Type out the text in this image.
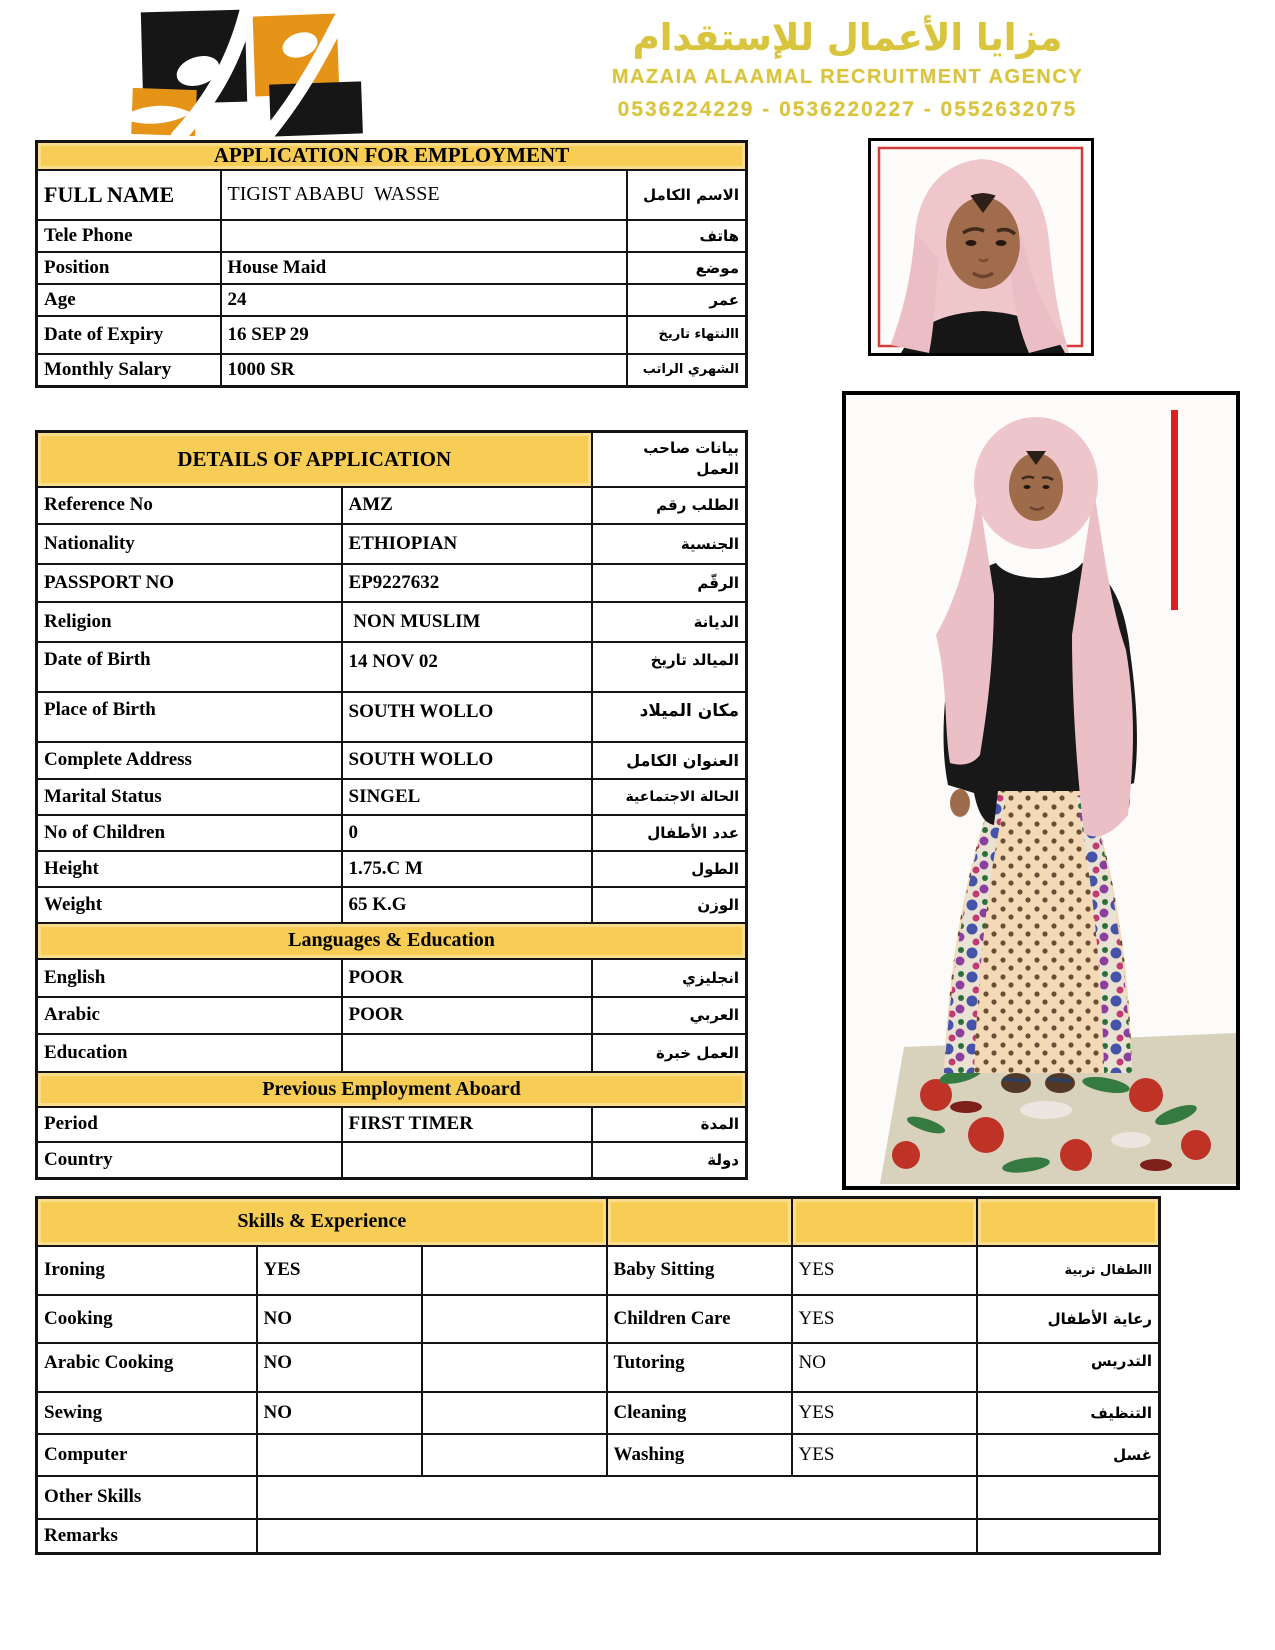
مزايا الأعمال للإستقدام
MAZAIA ALAAMAL RECRUITMENT AGENCY
0536224229 - 0536220227 - 0552632075
APPLICATION FOR EMPLOYMENT		
FULL NAME	TIGIST ABABU  WASSE	الاسم الكامل
Tele Phone		هاتف
Position	House Maid	موضع
Age	24	عمر
Date of Expiry	16 SEP 29	االنتهاء تاريخ
Monthly Salary	1000 SR	الشهري الراتب
DETAILS OF APPLICATION		بيانات صاحب العمل
Reference No	AMZ	الطلب رقم
Nationality	ETHIOPIAN	الجنسية
PASSPORT NO	EP9227632	الرقّم
Religion	NON MUSLIM	الديانة
Date of Birth	14 NOV 02	الميالد تاريخ
Place of Birth	SOUTH WOLLO	مكان الميلاد
Complete Address	SOUTH WOLLO	العنوان الكامل
Marital Status	SINGEL	الحالة الاجتماعية
No of Children	0	عدد الأطفال
Height	1.75.C M	الطول
Weight	65 K.G	الوزن
Languages & Education		
English	POOR	انجليزي
Arabic	POOR	العربي
Education		العمل خبرة
Previous Employment Aboard		
Period	FIRST TIMER	المدة
Country		دولة
Skills & Experience					
Ironing	YES		Baby Sitting	YES	االطفال تربية
Cooking	NO		Children Care	YES	رعاية الأطفال
Arabic Cooking	NO		Tutoring	NO	التدريس
Sewing	NO		Cleaning	YES	التنظيف
Computer			Washing	YES	غسل
Other Skills					
Remarks					
